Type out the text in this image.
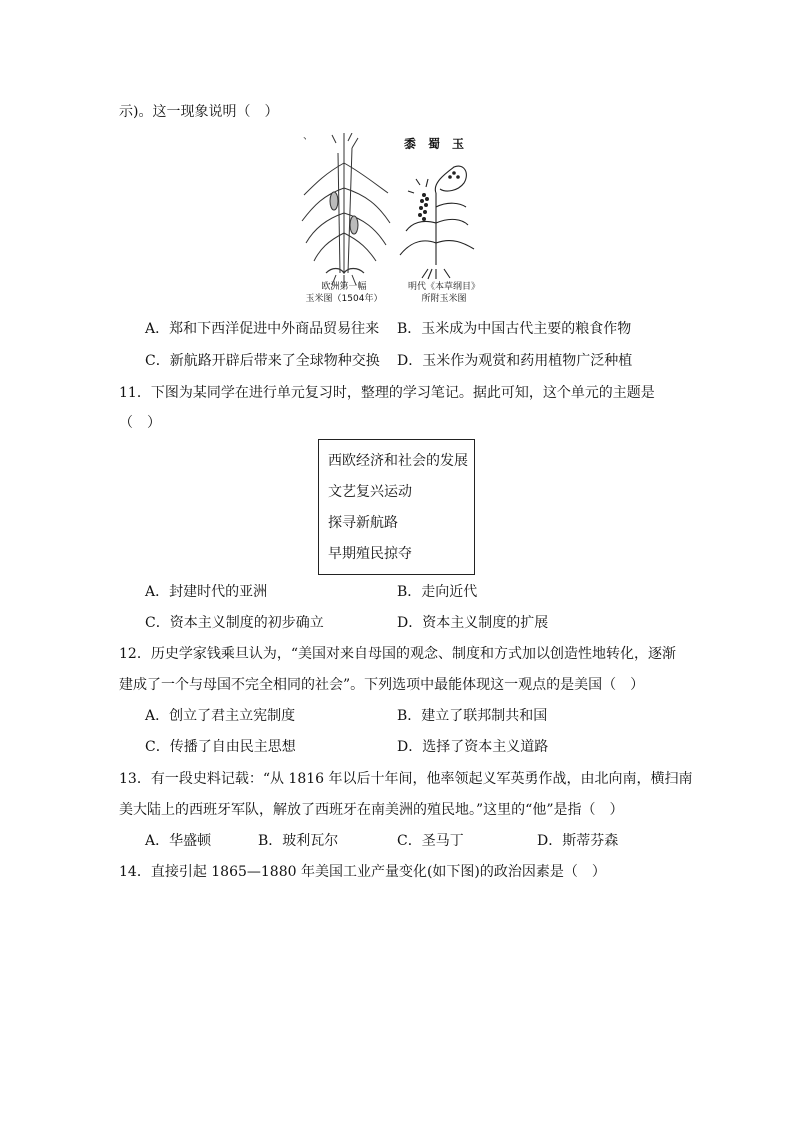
示)。这一现象说明（　）
、
黍　蜀　玉
欧洲第一幅
玉米图（1504年）
明代《本草纲目》
所附玉米图
A．郑和下西洋促进中外商品贸易往来 B．玉米成为中国古代主要的粮食作物
C．新航路开辟后带来了全球物种交换 D．玉米作为观赏和药用植物广泛种植
11．下图为某同学在进行单元复习时，整理的学习笔记。据此可知，这个单元的主题是
（　）
西欧经济和社会的发展
文艺复兴运动
探寻新航路
早期殖民掠夺
A．封建时代的亚洲	B．走向近代
C．资本主义制度的初步确立	D．资本主义制度的扩展
12．历史学家钱乘旦认为，“美国对来自母国的观念、制度和方式加以创造性地转化，逐渐
建成了一个与母国不完全相同的社会”。下列选项中最能体现这一观点的是美国（　）
A．创立了君主立宪制度	B．建立了联邦制共和国
C．传播了自由民主思想	D．选择了资本主义道路
13．有一段史料记载：“从 1816 年以后十年间，他率领起义军英勇作战，由北向南，横扫南
美大陆上的西班牙军队，解放了西班牙在南美洲的殖民地。”这里的“他”是指（　）
A．华盛顿	B．玻利瓦尔	C．圣马丁	D．斯蒂芬森
14．直接引起 1865—1880 年美国工业产量变化(如下图)的政治因素是（　）
